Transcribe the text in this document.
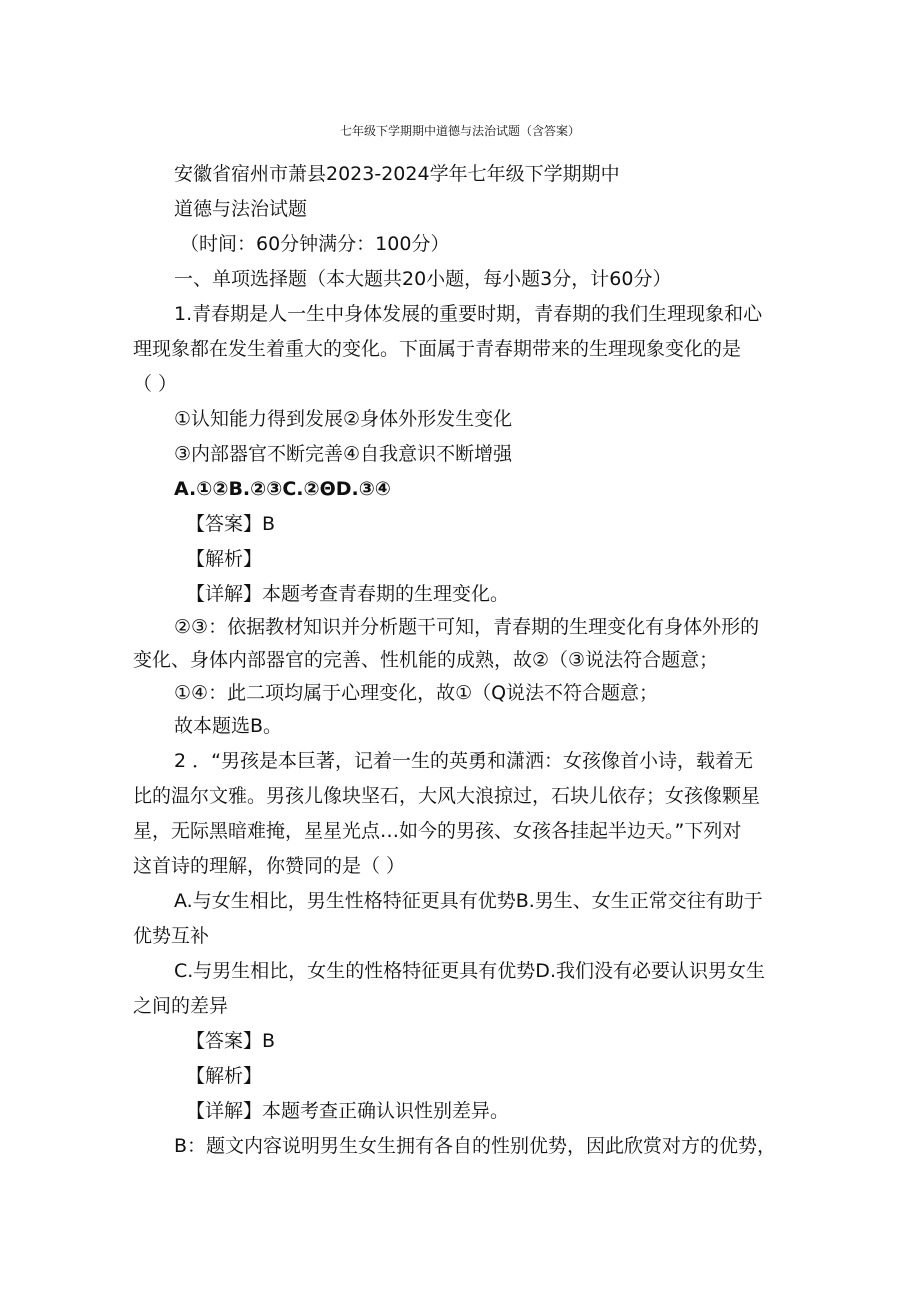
七年级下学期期中道德与法治试题（含答案）
安徽省宿州市萧县2023-2024学年七年级下学期期中
道德与法治试题
（时间：60分钟满分：100分）
一、单项选择题（本大题共20小题，每小题3分，计60分）
1.青春期是人一生中身体发展的重要时期，青春期的我们生理现象和心
理现象都在发生着重大的变化。下面属于青春期带来的生理现象变化的是
（ ）
①认知能力得到发展②身体外形发生变化
③内部器官不断完善④自我意识不断增强
A.①②B.②③C.②ΘD.③④
【答案】B
【解析】
【详解】本题考查青春期的生理变化。
②③：依据教材知识并分析题干可知，青春期的生理变化有身体外形的
变化、身体内部器官的完善、性机能的成熟，故②（③说法符合题意；
①④：此二项均属于心理变化，故①（Q说法不符合题意；
故本题选B。
2 ．“男孩是本巨著，记着一生的英勇和潇洒：女孩像首小诗，载着无
比的温尔文雅。男孩儿像块坚石，大风大浪掠过，石块儿依存；女孩像颗星
星，无际黑暗难掩，星星光点…如今的男孩、女孩各挂起半边天。”下列对
这首诗的理解，你赞同的是（ ）
A.与女生相比，男生性格特征更具有优势B.男生、女生正常交往有助于
优势互补
C.与男生相比，女生的性格特征更具有优势D.我们没有必要认识男女生
之间的差异
【答案】B
【解析】
【详解】本题考查正确认识性别差异。
B：题文内容说明男生女生拥有各自的性别优势，因此欣赏对方的优势，
